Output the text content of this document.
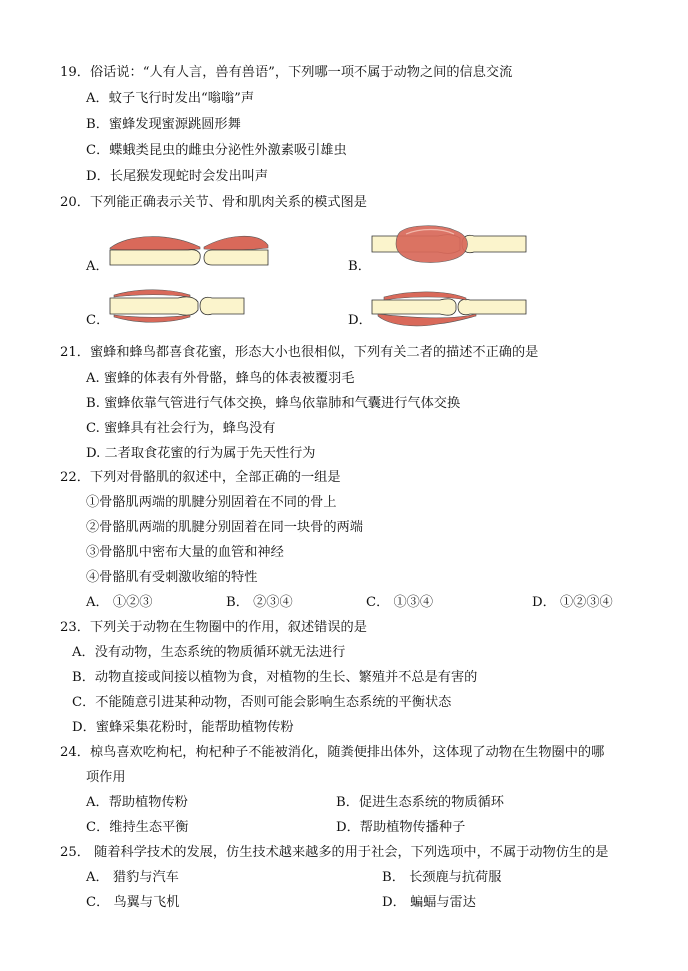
19．俗话说：“人有人言，兽有兽语”，下列哪一项不属于动物之间的信息交流
A．蚊子飞行时发出“嗡嗡”声
B．蜜蜂发现蜜源跳圆形舞
C．蝶蛾类昆虫的雌虫分泌性外激素吸引雄虫
D．长尾猴发现蛇时会发出叫声
20．下列能正确表示关节、骨和肌肉关系的模式图是
A．	B．
C．	D．
21．蜜蜂和蜂鸟都喜食花蜜，形态大小也很相似，下列有关二者的描述不正确的是
A. 蜜蜂的体表有外骨骼，蜂鸟的体表被覆羽毛
B. 蜜蜂依靠气管进行气体交换，蜂鸟依靠肺和气囊进行气体交换
C. 蜜蜂具有社会行为，蜂鸟没有
D. 二者取食花蜜的行为属于先天性行为
22．下列对骨骼肌的叙述中，全部正确的一组是
①骨骼肌两端的肌腱分别固着在不同的骨上
②骨骼肌两端的肌腱分别固着在同一块骨的两端
③骨骼肌中密布大量的血管和神经
④骨骼肌有受刺激收缩的特性
A． ①②③	B． ②③④	C． ①③④	D． ①②③④
23．下列关于动物在生物圈中的作用，叙述错误的是
A．没有动物，生态系统的物质循环就无法进行
B．动物直接或间接以植物为食，对植物的生长、繁殖并不总是有害的
C．不能随意引进某种动物，否则可能会影响生态系统的平衡状态
D．蜜蜂采集花粉时，能帮助植物传粉
24．椋鸟喜欢吃枸杞，枸杞种子不能被消化，随粪便排出体外，这体现了动物在生物圈中的哪
项作用
A．帮助植物传粉	B．促进生态系统的物质循环
C．维持生态平衡	D．帮助植物传播种子
25． 随着科学技术的发展，仿生技术越来越多的用于社会，下列选项中，不属于动物仿生的是
A． 猎豹与汽车	B． 长颈鹿与抗荷服
C． 鸟翼与飞机	D． 蝙蝠与雷达
